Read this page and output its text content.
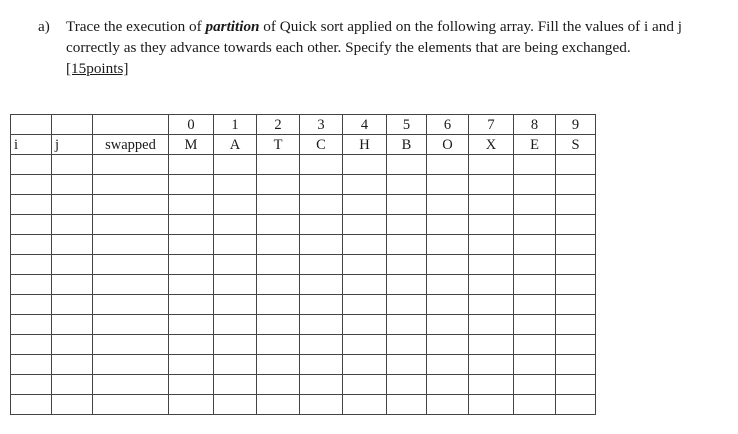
a) Trace the execution of partition of Quick sort applied on the following array. Fill the values of i and j correctly as they advance towards each other. Specify the elements that are being exchanged.
[15points]
			0	1	2	3	4	5	6	7	8	9
i	j	swapped	M	A	T	C	H	B	O	X	E	S
